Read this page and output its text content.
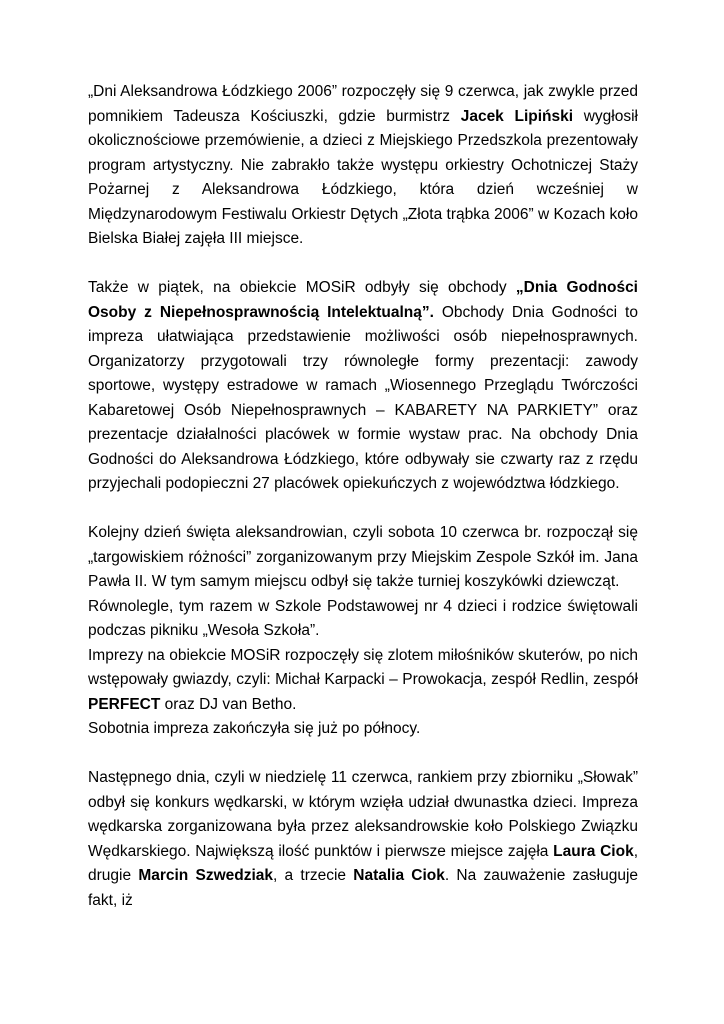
„Dni Aleksandrowa Łódzkiego 2006” rozpoczęły się 9 czerwca, jak zwykle przed pomnikiem Tadeusza Kościuszki, gdzie burmistrz Jacek Lipiński wygłosił okolicznościowe przemówienie, a dzieci z Miejskiego Przedszkola prezentowały program artystyczny. Nie zabrakło także występu orkiestry Ochotniczej Staży Pożarnej z Aleksandrowa Łódzkiego, która dzień wcześniej w Międzynarodowym Festiwalu Orkiestr Dętych „Złota trąbka 2006” w Kozach koło Bielska Białej zajęła III miejsce.

Także w piątek, na obiekcie MOSiR odbyły się obchody „Dnia Godności Osoby z Niepełnosprawnością Intelektualną”. Obchody Dnia Godności to impreza ułatwiająca przedstawienie możliwości osób niepełnosprawnych. Organizatorzy przygotowali trzy równoległe formy prezentacji: zawody sportowe, występy estradowe w ramach „Wiosennego Przeglądu Twórczości Kabaretowej Osób Niepełnosprawnych – KABARETY NA PARKIETY” oraz prezentacje działalności placówek w formie wystaw prac. Na obchody Dnia Godności do Aleksandrowa Łódzkiego, które odbywały sie czwarty raz z rzędu przyjechali podopieczni 27 placówek opiekuńczych z województwa łódzkiego.

Kolejny dzień święta aleksandrowian, czyli sobota 10 czerwca br. rozpoczął się „targowiskiem różności” zorganizowanym przy Miejskim Zespole Szkół im. Jana Pawła II. W tym samym miejscu odbył się także turniej koszykówki dziewcząt.
Równolegle, tym razem w Szkole Podstawowej nr 4 dzieci i rodzice świętowali podczas pikniku „Wesoła Szkoła”.
Imprezy na obiekcie MOSiR rozpoczęły się zlotem miłośników skuterów, po nich wstępowały gwiazdy, czyli: Michał Karpacki – Prowokacja, zespół Redlin, zespół PERFECT oraz DJ van Betho.
Sobotnia impreza zakończyła się już po północy.

Następnego dnia, czyli w niedzielę 11 czerwca, rankiem przy zbiorniku „Słowak” odbył się konkurs wędkarski, w którym wzięła udział dwunastka dzieci. Impreza wędkarska zorganizowana była przez aleksandrowskie koło Polskiego Związku Wędkarskiego. Największą ilość punktów i pierwsze miejsce zajęła Laura Ciok, drugie Marcin Szwedziak, a trzecie Natalia Ciok. Na zauważenie zasługuje fakt, iż
